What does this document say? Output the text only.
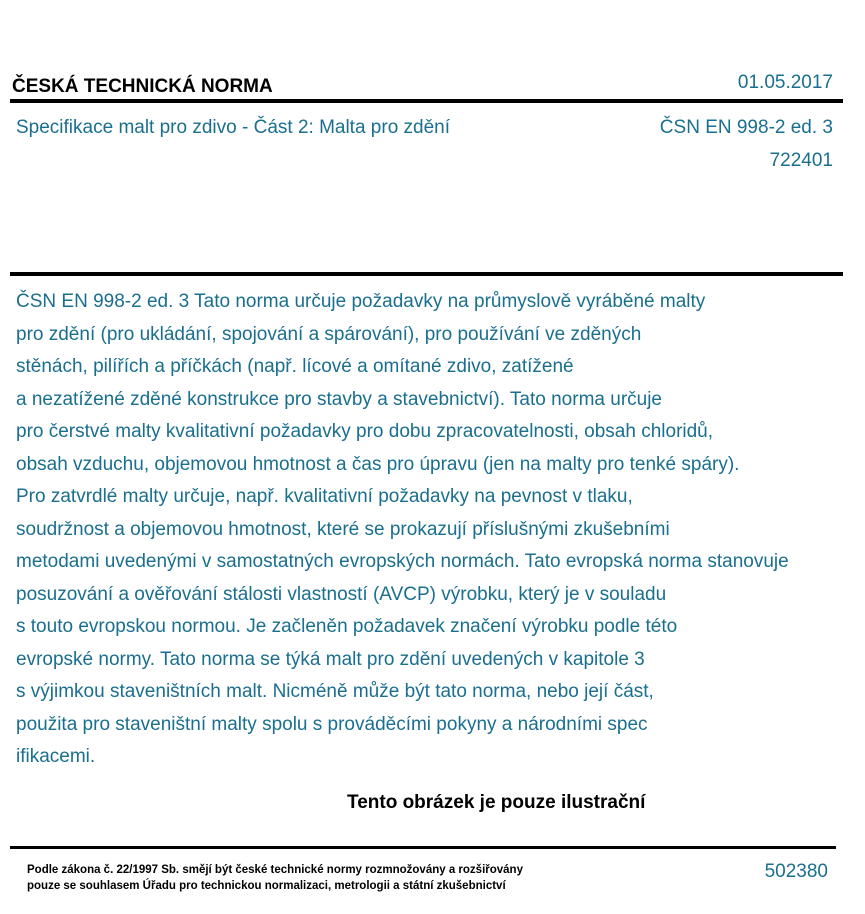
ČESKÁ TECHNICKÁ NORMA	01.05.2017
Specifikace malt pro zdivo - Část 2: Malta pro zdění	ČSN EN 998-2 ed. 3
722401
ČSN EN 998-2 ed. 3 Tato norma určuje požadavky na průmyslově vyráběné malty
pro zdění (pro ukládání, spojování a spárování), pro používání ve zděných
stěnách, pilířích a příčkách (např. lícové a omítané zdivo, zatížené
a nezatížené zděné konstrukce pro stavby a stavebnictví). Tato norma určuje
pro čerstvé malty kvalitativní požadavky pro dobu zpracovatelnosti, obsah chloridů,
obsah vzduchu, objemovou hmotnost a čas pro úpravu (jen na malty pro tenké spáry).
Pro zatvrdlé malty určuje, např. kvalitativní požadavky na pevnost v tlaku,
soudržnost a objemovou hmotnost, které se prokazují příslušnými zkušebními
metodami uvedenými v samostatných evropských normách. Tato evropská norma stanovuje
posuzování a ověřování stálosti vlastností (AVCP) výrobku, který je v souladu
s touto evropskou normou. Je začleněn požadavek značení výrobku podle této
evropské normy. Tato norma se týká malt pro zdění uvedených v kapitole 3
s výjimkou staveništních malt. Nicméně může být tato norma, nebo její část,
použita pro staveništní malty spolu s prováděcími pokyny a národními spec
ifikacemi.
Tento obrázek je pouze ilustrační
Podle zákona č. 22/1997 Sb. smějí být české technické normy rozmnožovány a rozšiřovány
pouze se souhlasem Úřadu pro technickou normalizaci, metrologii a státní zkušebnictví
502380
